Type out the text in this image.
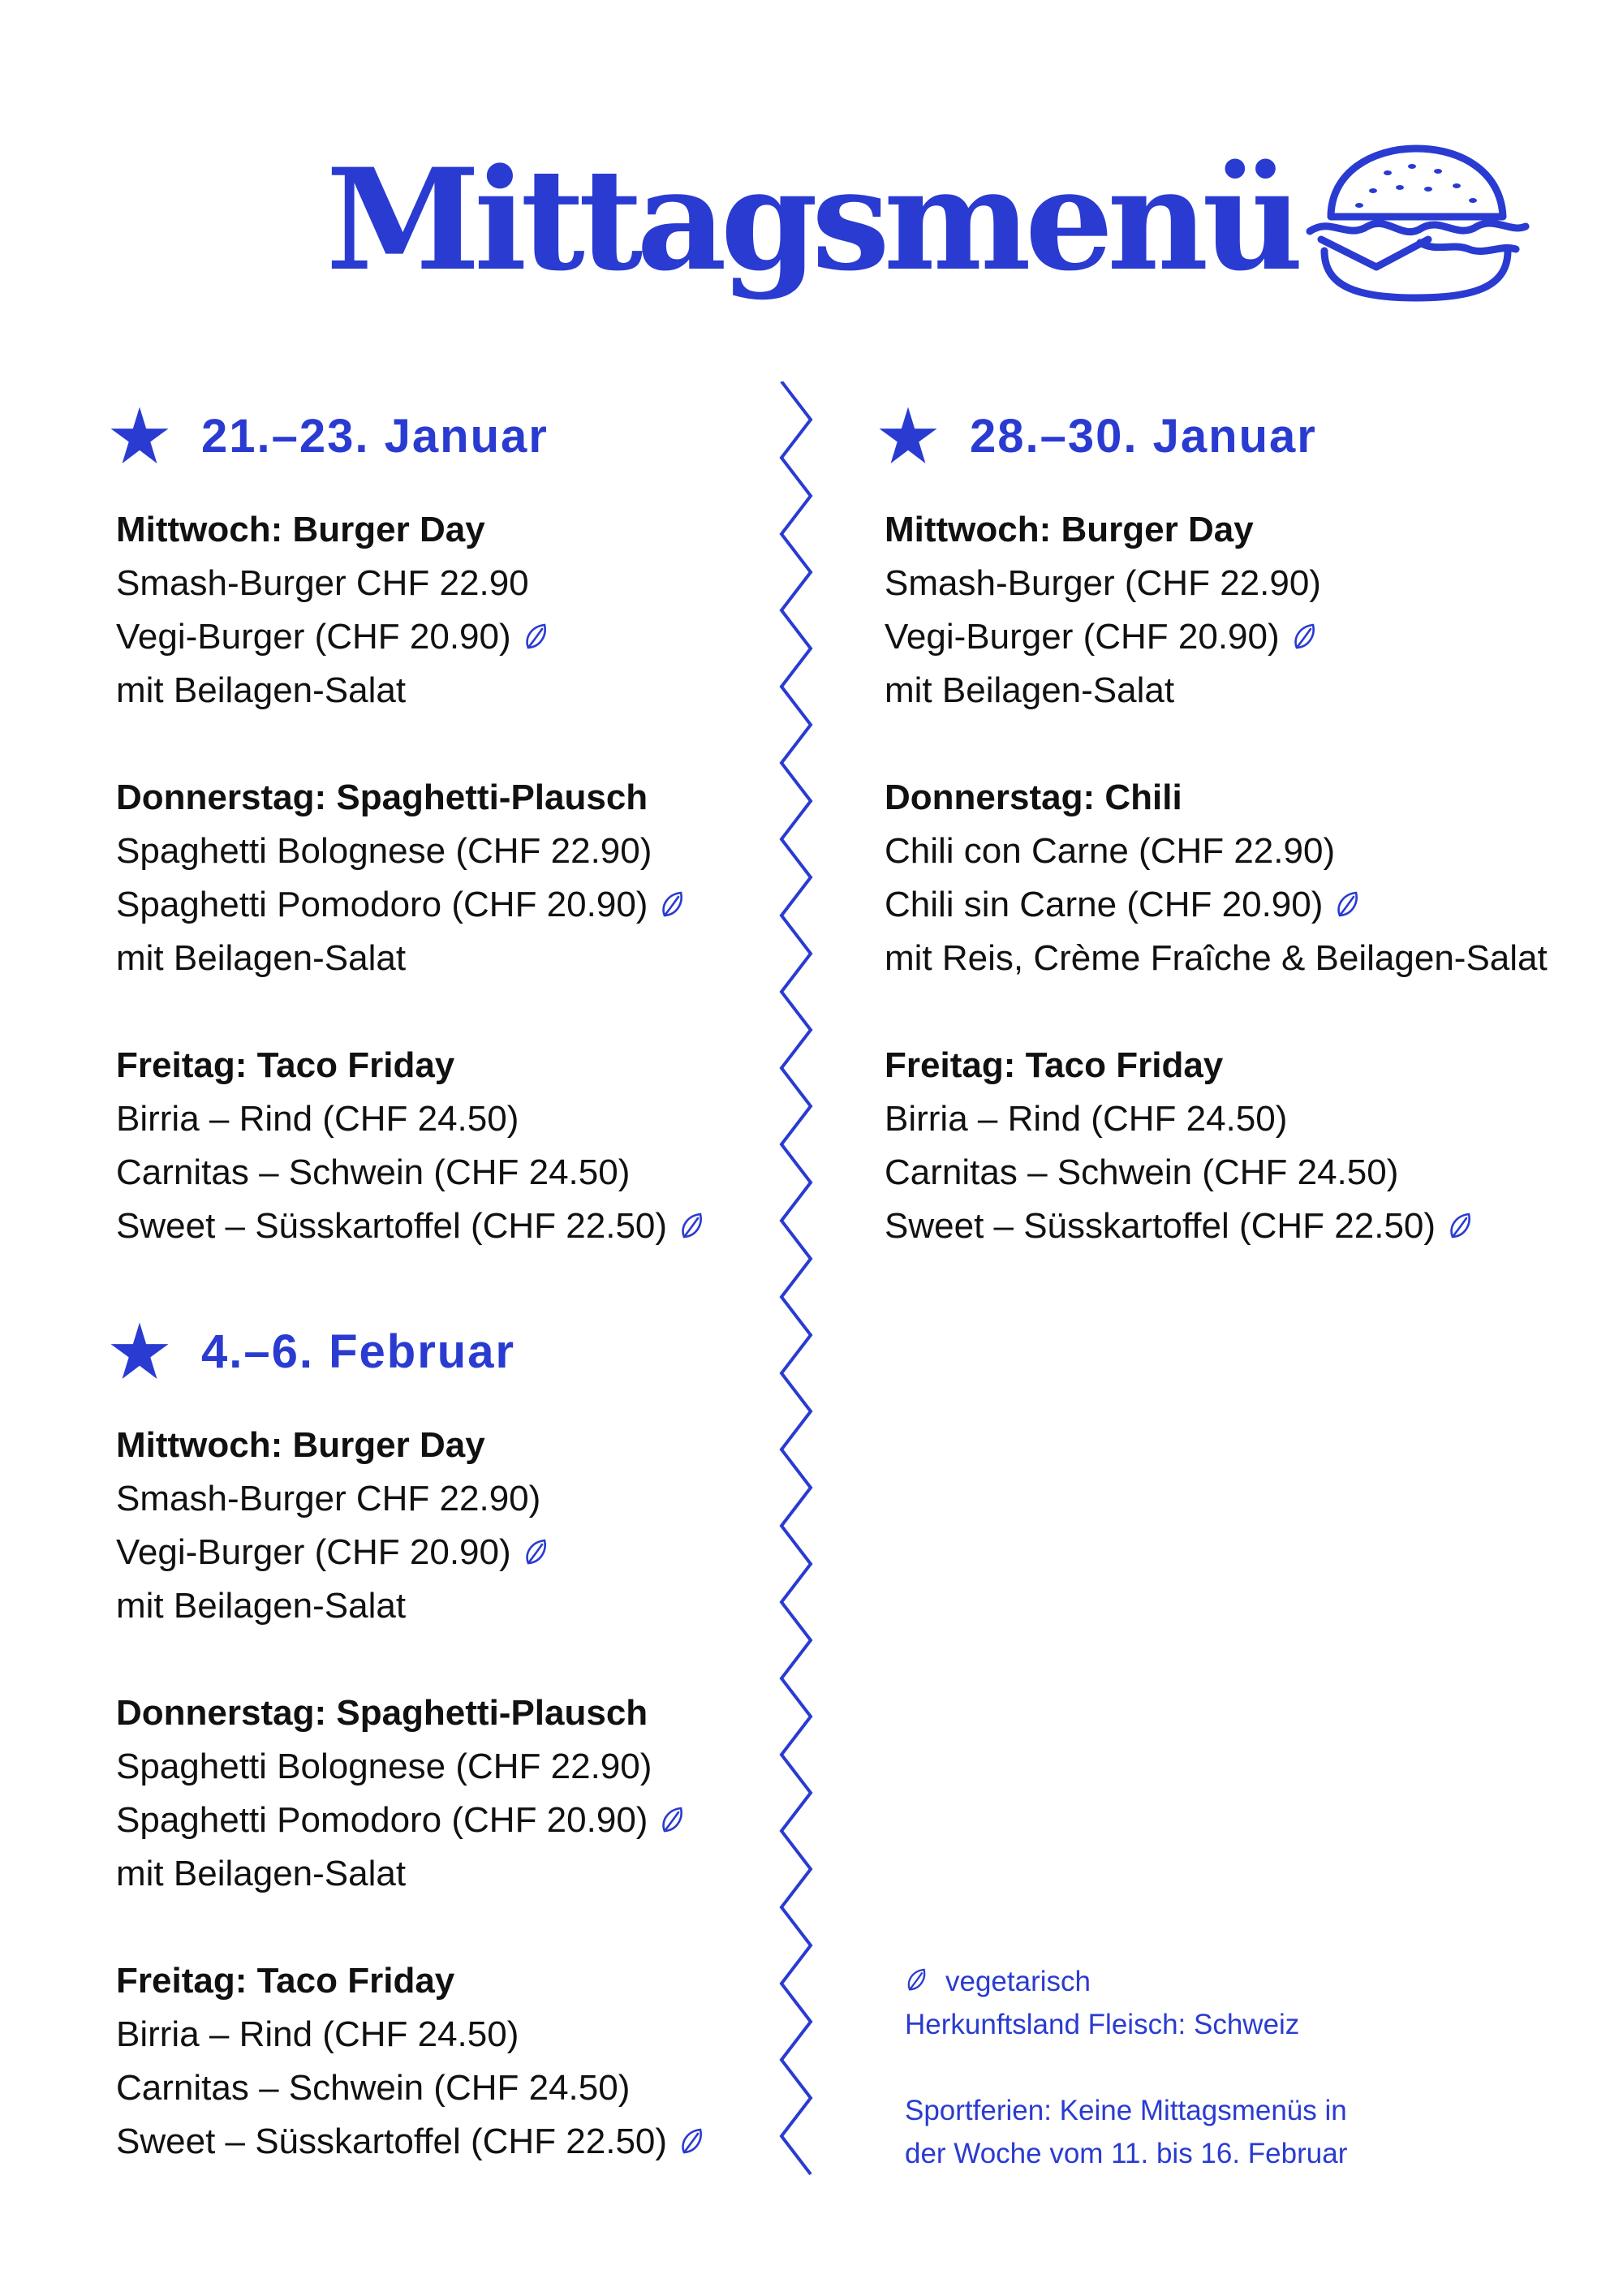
Mittagsmenü
21.–23. Januar
Mittwoch: Burger Day
Smash-Burger CHF 22.90
Vegi-Burger (CHF 20.90)
mit Beilagen-Salat
Donnerstag: Spaghetti-Plausch
Spaghetti Bolognese (CHF 22.90)
Spaghetti Pomodoro (CHF 20.90)
mit Beilagen-Salat
Freitag: Taco Friday
Birria – Rind (CHF 24.50)
Carnitas – Schwein (CHF 24.50)
Sweet – Süsskartoffel (CHF 22.50)
28.–30. Januar
Mittwoch: Burger Day
Smash-Burger (CHF 22.90)
Vegi-Burger (CHF 20.90)
mit Beilagen-Salat
Donnerstag: Chili
Chili con Carne (CHF 22.90)
Chili sin Carne (CHF 20.90)
mit Reis, Crème Fraîche & Beilagen-Salat
Freitag: Taco Friday
Birria – Rind (CHF 24.50)
Carnitas – Schwein (CHF 24.50)
Sweet – Süsskartoffel (CHF 22.50)
4.–6. Februar
Mittwoch: Burger Day
Smash-Burger CHF 22.90)
Vegi-Burger (CHF 20.90)
mit Beilagen-Salat
Donnerstag: Spaghetti-Plausch
Spaghetti Bolognese (CHF 22.90)
Spaghetti Pomodoro (CHF 20.90)
mit Beilagen-Salat
Freitag: Taco Friday
Birria – Rind (CHF 24.50)
Carnitas – Schwein (CHF 24.50)
Sweet – Süsskartoffel (CHF 22.50)
vegetarisch
Herkunftsland Fleisch: Schweiz
Sportferien: Keine Mittagsmenüs in
der Woche vom 11. bis 16. Februar
